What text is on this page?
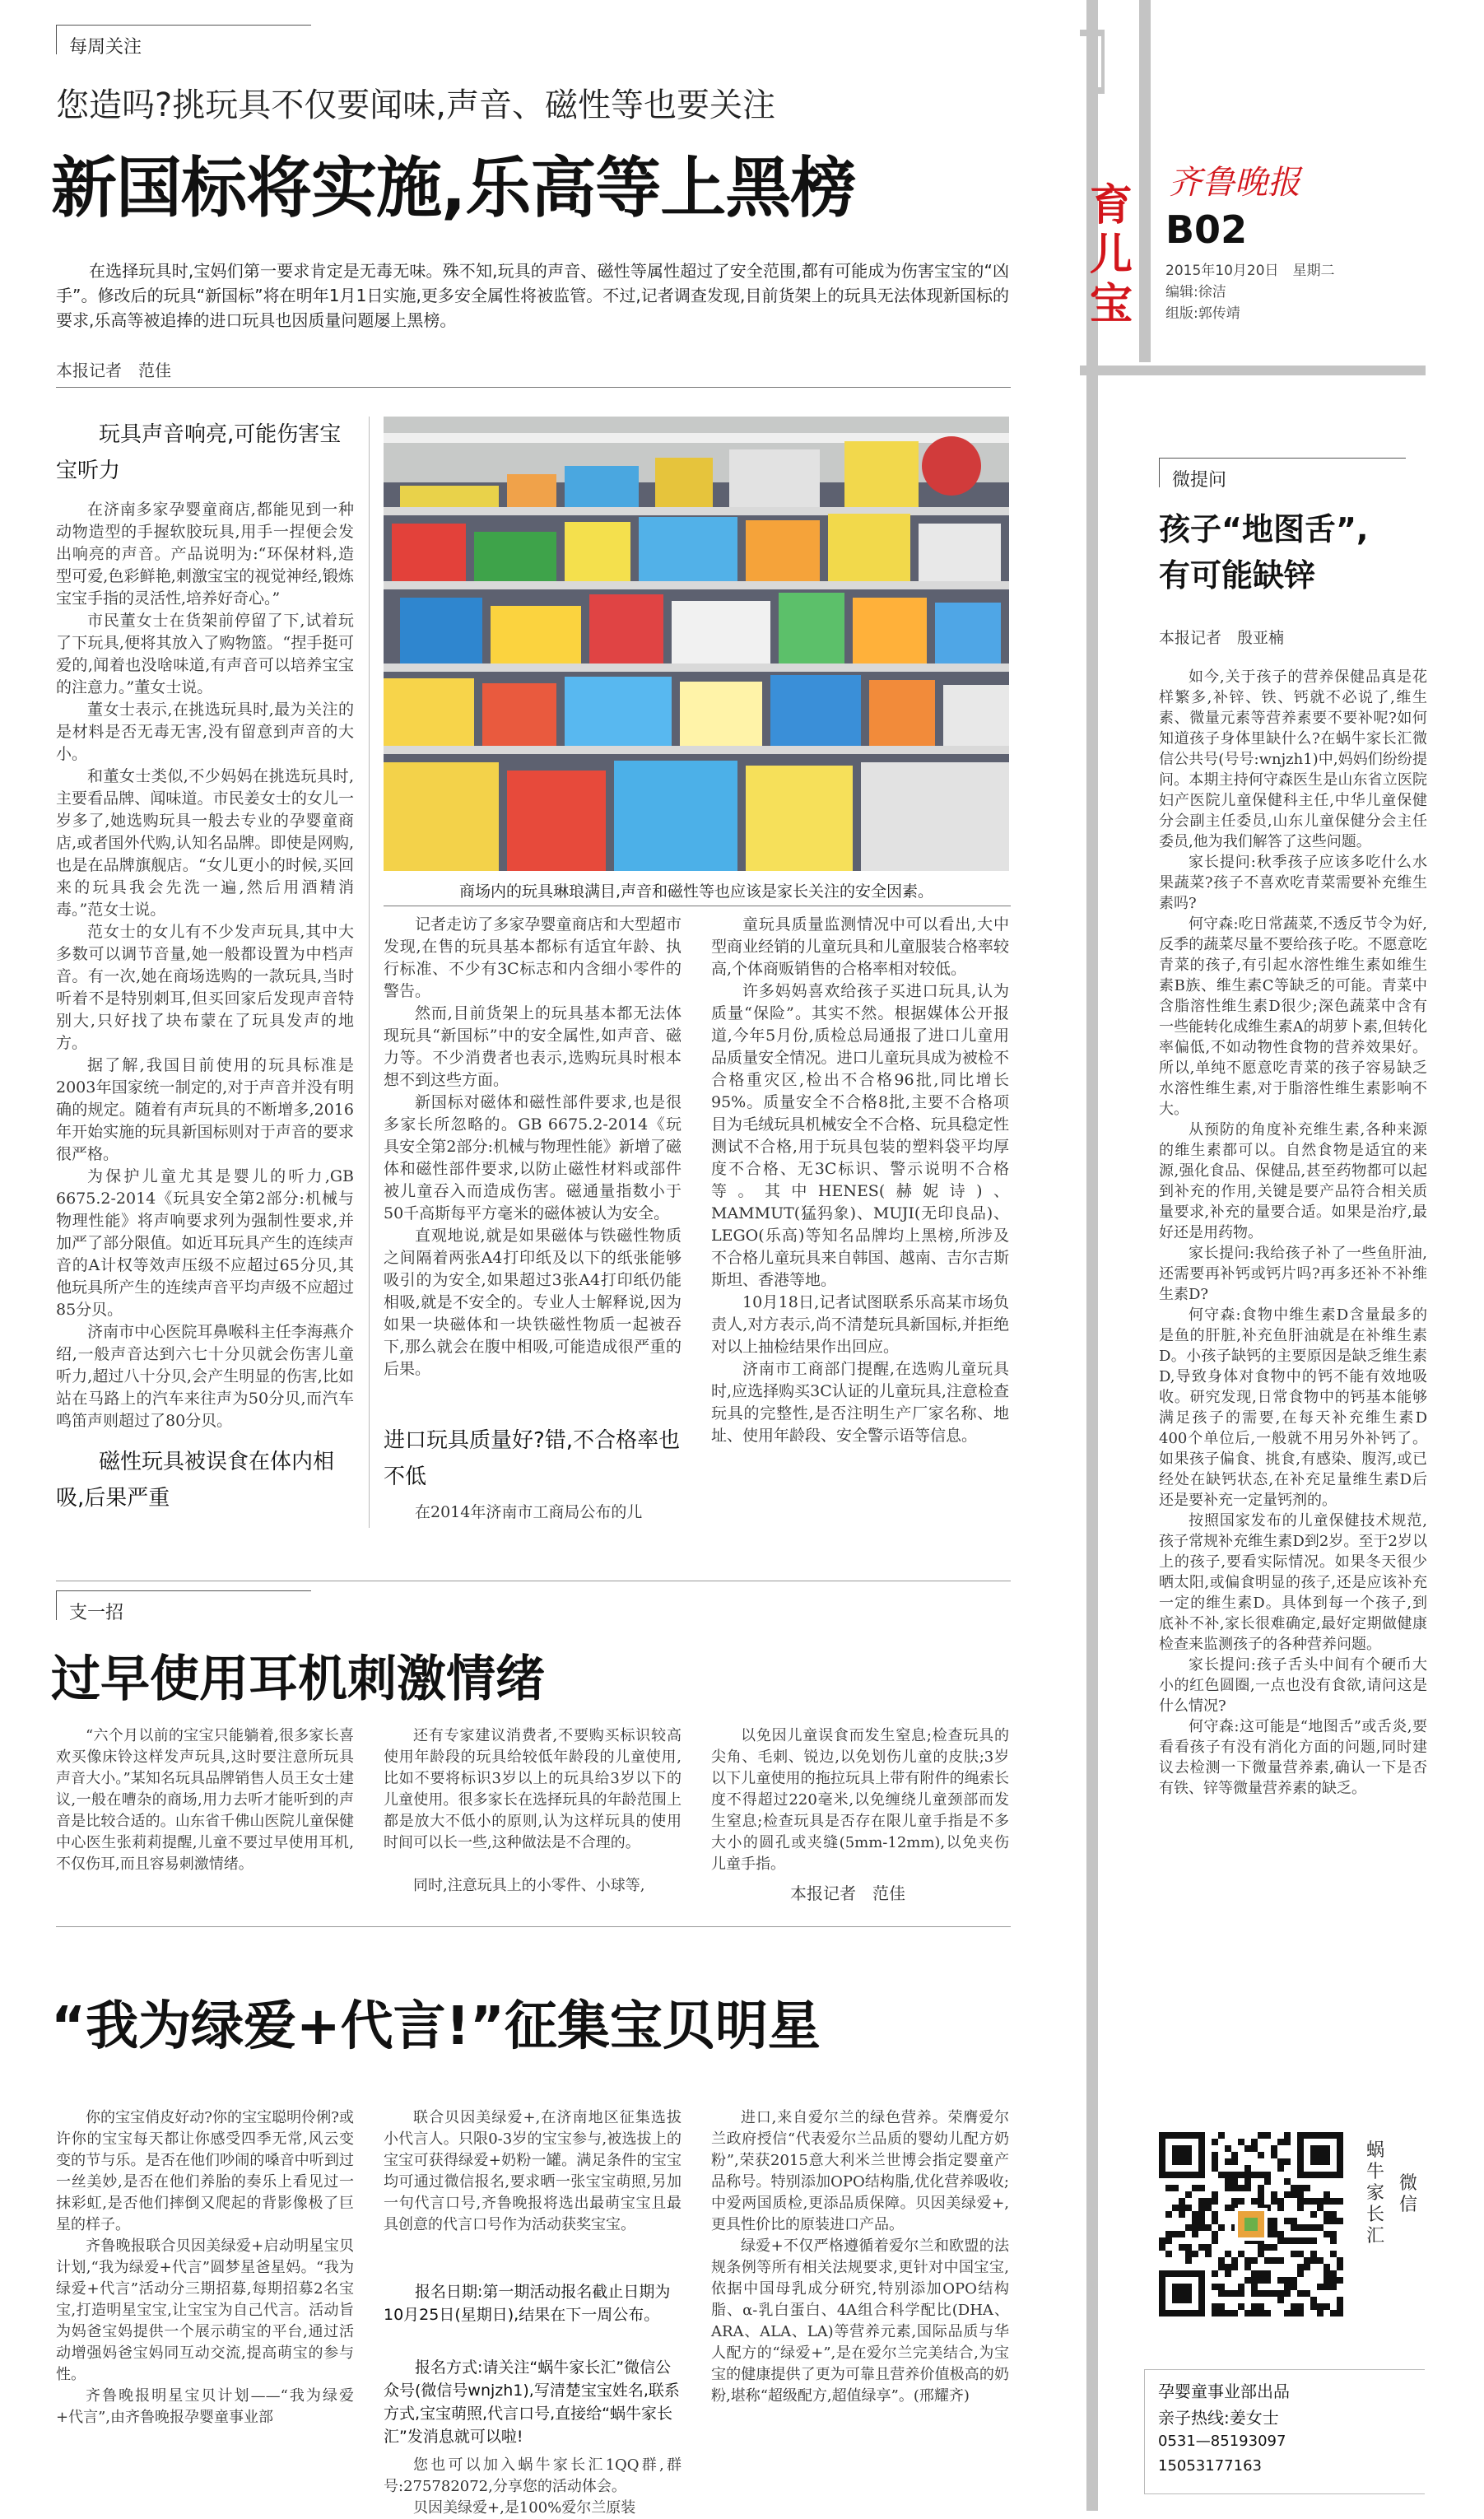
每周关注
您造吗?挑玩具不仅要闻味,声音、磁性等也要关注
新国标将实施,乐高等上黑榜
在选择玩具时,宝妈们第一要求肯定是无毒无味。殊不知,玩具的声音、磁性等属性超过了安全范围,都有可能成为伤害宝宝的“凶手”。修改后的玩具“新国标”将在明年1月1日实施,更多安全属性将被监管。不过,记者调查发现,目前货架上的玩具无法体现新国标的要求,乐高等被追捧的进口玩具也因质量问题屡上黑榜。
本报记者　范佳
玩具声音响亮,可能伤害宝宝听力

在济南多家孕婴童商店,都能见到一种动物造型的手握软胶玩具,用手一捏便会发出响亮的声音。产品说明为:“环保材料,造型可爱,色彩鲜艳,刺激宝宝的视觉神经,锻炼宝宝手指的灵活性,培养好奇心。”

市民董女士在货架前停留了下,试着玩了下玩具,便将其放入了购物篮。“捏手挺可爱的,闻着也没啥味道,有声音可以培养宝宝的注意力。”董女士说。

董女士表示,在挑选玩具时,最为关注的是材料是否无毒无害,没有留意到声音的大小。

和董女士类似,不少妈妈在挑选玩具时,主要看品牌、闻味道。市民姜女士的女儿一岁多了,她选购玩具一般去专业的孕婴童商店,或者国外代购,认知名品牌。即使是网购,也是在品牌旗舰店。“女儿更小的时候,买回来的玩具我会先洗一遍,然后用酒精消毒。”范女士说。

范女士的女儿有不少发声玩具,其中大多数可以调节音量,她一般都设置为中档声音。有一次,她在商场选购的一款玩具,当时听着不是特别刺耳,但买回家后发现声音特别大,只好找了块布蒙在了玩具发声的地方。

据了解,我国目前使用的玩具标准是2003年国家统一制定的,对于声音并没有明确的规定。随着有声玩具的不断增多,2016年开始实施的玩具新国标则对于声音的要求很严格。

为保护儿童尤其是婴儿的听力,GB 6675.2-2014《玩具安全第2部分:机械与物理性能》将声响要求列为强制性要求,并加严了部分限值。如近耳玩具产生的连续声音的A计权等效声压级不应超过65分贝,其他玩具所产生的连续声音平均声级不应超过85分贝。

济南市中心医院耳鼻喉科主任李海燕介绍,一般声音达到六七十分贝就会伤害儿童听力,超过八十分贝,会产生明显的伤害,比如站在马路上的汽车来往声为50分贝,而汽车鸣笛声则超过了80分贝。

磁性玩具被误食在体内相吸,后果严重
商场内的玩具琳琅满目,声音和磁性等也应该是家长关注的安全因素。

记者走访了多家孕婴童商店和大型超市发现,在售的玩具基本都标有适宜年龄、执行标准、不少有3C标志和内含细小零件的警告。

然而,目前货架上的玩具基本都无法体现玩具“新国标”中的安全属性,如声音、磁力等。不少消费者也表示,选购玩具时根本想不到这些方面。

新国标对磁体和磁性部件要求,也是很多家长所忽略的。GB 6675.2-2014《玩具安全第2部分:机械与物理性能》新增了磁体和磁性部件要求,以防止磁性材料或部件被儿童吞入而造成伤害。磁通量指数小于50千高斯每平方毫米的磁体被认为安全。

直观地说,就是如果磁体与铁磁性物质之间隔着两张A4打印纸及以下的纸张能够吸引的为安全,如果超过3张A4打印纸仍能相吸,就是不安全的。专业人士解释说,因为如果一块磁体和一块铁磁性物质一起被吞下,那么就会在腹中相吸,可能造成很严重的后果。

进口玩具质量好?错,不合格率也不低
在2014年济南市工商局公布的儿

童玩具质量监测情况中可以看出,大中型商业经销的儿童玩具和儿童服装合格率较高,个体商贩销售的合格率相对较低。

许多妈妈喜欢给孩子买进口玩具,认为质量“保险”。其实不然。根据媒体公开报道,今年5月份,质检总局通报了进口儿童用品质量安全情况。进口儿童玩具成为被检不合格重灾区,检出不合格96批,同比增长95%。质量安全不合格8批,主要不合格项目为毛绒玩具机械安全不合格、玩具稳定性测试不合格,用于玩具包装的塑料袋平均厚度不合格、无3C标识、警示说明不合格等。其中HENES(赫妮诗)、MAMMUT(猛犸象)、MUJI(无印良品)、LEGO(乐高)等知名品牌均上黑榜,所涉及不合格儿童玩具来自韩国、越南、吉尔吉斯斯坦、香港等地。

10月18日,记者试图联系乐高某市场负责人,对方表示,尚不清楚玩具新国标,并拒绝对以上抽检结果作出回应。

济南市工商部门提醒,在选购儿童玩具时,应选择购买3C认证的儿童玩具,注意检查玩具的完整性,是否注明生产厂家名称、地址、使用年龄段、安全警示语等信息。

支一招
过早使用耳机刺激情绪
“六个月以前的宝宝只能躺着,很多家长喜欢买像床铃这样发声玩具,这时要注意所玩具声音大小。”某知名玩具品牌销售人员王女士建议,一般在嘈杂的商场,用力去听才能听到的声音是比较合适的。山东省千佛山医院儿童保健中心医生张莉莉提醒,儿童不要过早使用耳机,不仅伤耳,而且容易刺激情绪。
还有专家建议消费者,不要购买标识较高使用年龄段的玩具给较低年龄段的儿童使用,比如不要将标识3岁以上的玩具给3岁以下的儿童使用。很多家长在选择玩具的年龄范围上都是放大不低小的原则,认为这样玩具的使用时间可以长一些,这种做法是不合理的。
同时,注意玩具上的小零件、小球等,
以免因儿童误食而发生窒息;检查玩具的尖角、毛刺、锐边,以免划伤儿童的皮肤;3岁以下儿童使用的拖拉玩具上带有附件的绳索长度不得超过220毫米,以免缠绕儿童颈部而发生窒息;检查玩具是否存在限儿童手指是不多大小的圆孔或夹缝(5mm-12mm),以免夹伤儿童手指。
本报记者　范佳
“我为绿爱+代言!”征集宝贝明星

你的宝宝俏皮好动?你的宝宝聪明伶俐?或许你的宝宝每天都让你感受四季无常,风云变变的节与乐。是否在他们吵闹的嗓音中听到过一丝美妙,是否在他们养胎的奏乐上看见过一抹彩虹,是否他们摔倒又爬起的背影像极了巨星的样子。

齐鲁晚报联合贝因美绿爱+启动明星宝贝计划,“我为绿爱+代言”圆梦星爸星妈。“我为绿爱+代言”活动分三期招募,每期招募2名宝宝,打造明星宝宝,让宝宝为自己代言。活动旨为妈爸宝妈提供一个展示萌宝的平台,通过活动增强妈爸宝妈同互动交流,提高萌宝的参与性。

齐鲁晚报明星宝贝计划——“我为绿爱+代言”,由齐鲁晚报孕婴童事业部

联合贝因美绿爱+,在济南地区征集选拔小代言人。只限0-3岁的宝宝参与,被选拔上的宝宝可获得绿爱+奶粉一罐。满足条件的宝宝均可通过微信报名,要求晒一张宝宝萌照,另加一句代言口号,齐鲁晚报将选出最萌宝宝且最具创意的代言口号作为活动获奖宝宝。
报名日期:第一期活动报名截止日期为10月25日(星期日),结果在下一周公布。
报名方式:请关注“蜗牛家长汇”微信公众号(微信号wnjzh1),写清楚宝宝姓名,联系方式,宝宝萌照,代言口号,直接给“蜗牛家长汇”发消息就可以啦!
您也可以加入蜗牛家长汇1QQ群,群号:275782072,分享您的活动体会。
贝因美绿爱+,是100%爱尔兰原装

进口,来自爱尔兰的绿色营养。荣膺爱尔兰政府授信“代表爱尔兰品质的婴幼儿配方奶粉”,荣获2015意大利米兰世博会指定婴童产品称号。特别添加OPO结构脂,优化营养吸收;中爱两国质检,更添品质保障。贝因美绿爱+,更具性价比的原装进口产品。

绿爱+不仅严格遵循着爱尔兰和欧盟的法规条例等所有相关法规要求,更针对中国宝宝,依据中国母乳成分研究,特别添加OPO结构脂、α-乳白蛋白、4A组合科学配比(DHA、ARA、ALA、LA)等营养元素,国际品质与华人配方的“绿爱+”,是在爱尔兰完美结合,为宝宝的健康提供了更为可靠且营养价值极高的奶粉,堪称“超级配方,超值绿享”。(邢耀齐)

育儿宝
齐鲁晚报
B02
2015年10月20日　星期二
编辑:徐洁
组版:郭传靖
微提问
孩子“地图舌”,
有可能缺锌
本报记者　殷亚楠

如今,关于孩子的营养保健品真是花样繁多,补锌、铁、钙就不必说了,维生素、微量元素等营养素要不要补呢?如何知道孩子身体里缺什么?在蜗牛家长汇微信公共号(号号:wnjzh1)中,妈妈们纷纷提问。本期主持何守森医生是山东省立医院妇产医院儿童保健科主任,中华儿童保健分会副主任委员,山东儿童保健分会主任委员,他为我们解答了这些问题。

家长提问:秋季孩子应该多吃什么水果蔬菜?孩子不喜欢吃青菜需要补充维生素吗?

何守森:吃日常蔬菜,不透反节令为好,反季的蔬菜尽量不要给孩子吃。不愿意吃青菜的孩子,有引起水溶性维生素如维生素B族、维生素C等缺乏的可能。青菜中含脂溶性维生素D很少;深色蔬菜中含有一些能转化成维生素A的胡萝卜素,但转化率偏低,不如动物性食物的营养效果好。所以,单纯不愿意吃青菜的孩子容易缺乏水溶性维生素,对于脂溶性维生素影响不大。

从预防的角度补充维生素,各种来源的维生素都可以。自然食物是适宜的来源,强化食品、保健品,甚至药物都可以起到补充的作用,关键是要产品符合相关质量要求,补充的量要合适。如果是治疗,最好还是用药物。

家长提问:我给孩子补了一些鱼肝油,还需要再补钙或钙片吗?再多还补不补维生素D?

何守森:食物中维生素D含量最多的是鱼的肝脏,补充鱼肝油就是在补维生素D。小孩子缺钙的主要原因是缺乏维生素D,导致身体对食物中的钙不能有效地吸收。研究发现,日常食物中的钙基本能够满足孩子的需要,在每天补充维生素D 400个单位后,一般就不用另外补钙了。如果孩子偏食、挑食,有感染、腹泻,或已经处在缺钙状态,在补充足量维生素D后还是要补充一定量钙剂的。

按照国家发布的儿童保健技术规范,孩子常规补充维生素D到2岁。至于2岁以上的孩子,要看实际情况。如果冬天很少晒太阳,或偏食明显的孩子,还是应该补充一定的维生素D。具体到每一个孩子,到底补不补,家长很难确定,最好定期做健康检查来监测孩子的各种营养问题。

家长提问:孩子舌头中间有个硬币大小的红色圆圈,一点也没有食欲,请问这是什么情况?

何守森:这可能是“地图舌”或舌炎,要看看孩子有没有消化方面的问题,同时建议去检测一下微量营养素,确认一下是否有铁、锌等微量营养素的缺乏。

蜗牛家长汇
微信
孕婴童事业部出品
亲子热线:姜女士
0531—85193097
15053177163
